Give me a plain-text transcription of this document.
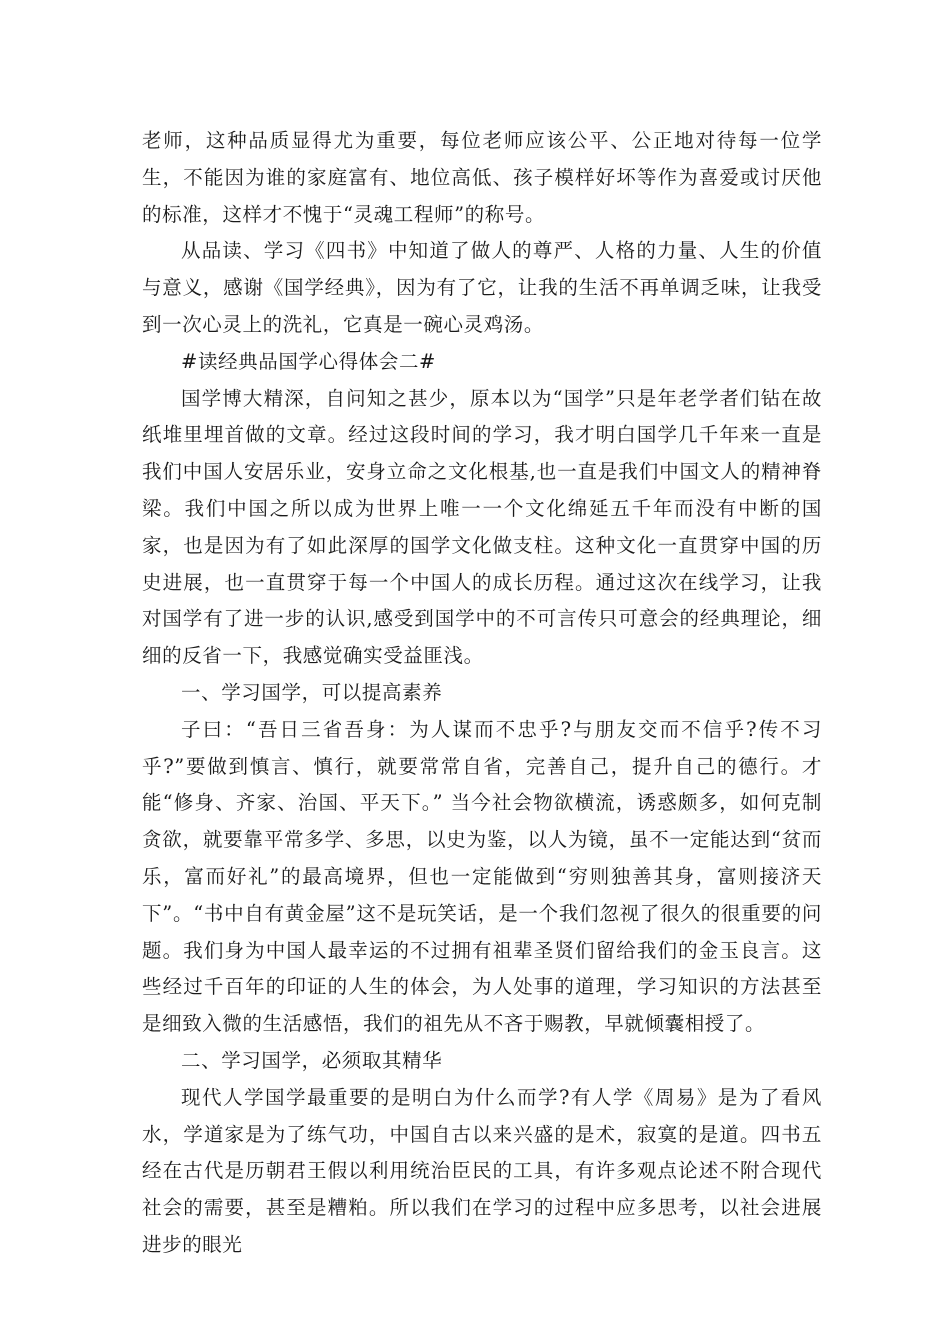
老师，这种品质显得尤为重要，每位老师应该公平、公正地对待每一位学生，不能因为谁的家庭富有、地位高低、孩子模样好坏等作为喜爱或讨厌他的标准，这样才不愧于“灵魂工程师”的称号。

从品读、学习《四书》中知道了做人的尊严、人格的力量、人生的价值与意义，感谢《国学经典》，因为有了它，让我的生活不再单调乏味，让我受到一次心灵上的洗礼，它真是一碗心灵鸡汤。

#读经典品国学心得体会二#

国学博大精深，自问知之甚少，原本以为“国学”只是年老学者们钻在故纸堆里埋首做的文章。经过这段时间的学习，我才明白国学几千年来一直是我们中国人安居乐业，安身立命之文化根基,也一直是我们中国文人的精神脊梁。我们中国之所以成为世界上唯一一个文化绵延五千年而没有中断的国家，也是因为有了如此深厚的国学文化做支柱。这种文化一直贯穿中国的历史进展，也一直贯穿于每一个中国人的成长历程。通过这次在线学习，让我对国学有了进一步的认识,感受到国学中的不可言传只可意会的经典理论，细细的反省一下，我感觉确实受益匪浅。

一、学习国学，可以提高素养

子曰：“吾日三省吾身：为人谋而不忠乎?与朋友交而不信乎?传不习乎?”要做到慎言、慎行，就要常常自省，完善自己，提升自己的德行。才能“修身、齐家、治国、平天下。” 当今社会物欲横流，诱惑颇多，如何克制贪欲，就要靠平常多学、多思，以史为鉴，以人为镜，虽不一定能达到“贫而乐，富而好礼”的最高境界，但也一定能做到“穷则独善其身，富则接济天下”。“书中自有黄金屋”这不是玩笑话，是一个我们忽视了很久的很重要的问题。我们身为中国人最幸运的不过拥有祖辈圣贤们留给我们的金玉良言。这些经过千百年的印证的人生的体会，为人处事的道理，学习知识的方法甚至是细致入微的生活感悟，我们的祖先从不吝于赐教，早就倾囊相授了。

二、学习国学，必须取其精华

现代人学国学最重要的是明白为什么而学?有人学《周易》是为了看风水，学道家是为了练气功，中国自古以来兴盛的是术，寂寞的是道。四书五经在古代是历朝君王假以利用统治臣民的工具，有许多观点论述不附合现代社会的需要，甚至是糟粕。所以我们在学习的过程中应多思考，以社会进展进步的眼光
